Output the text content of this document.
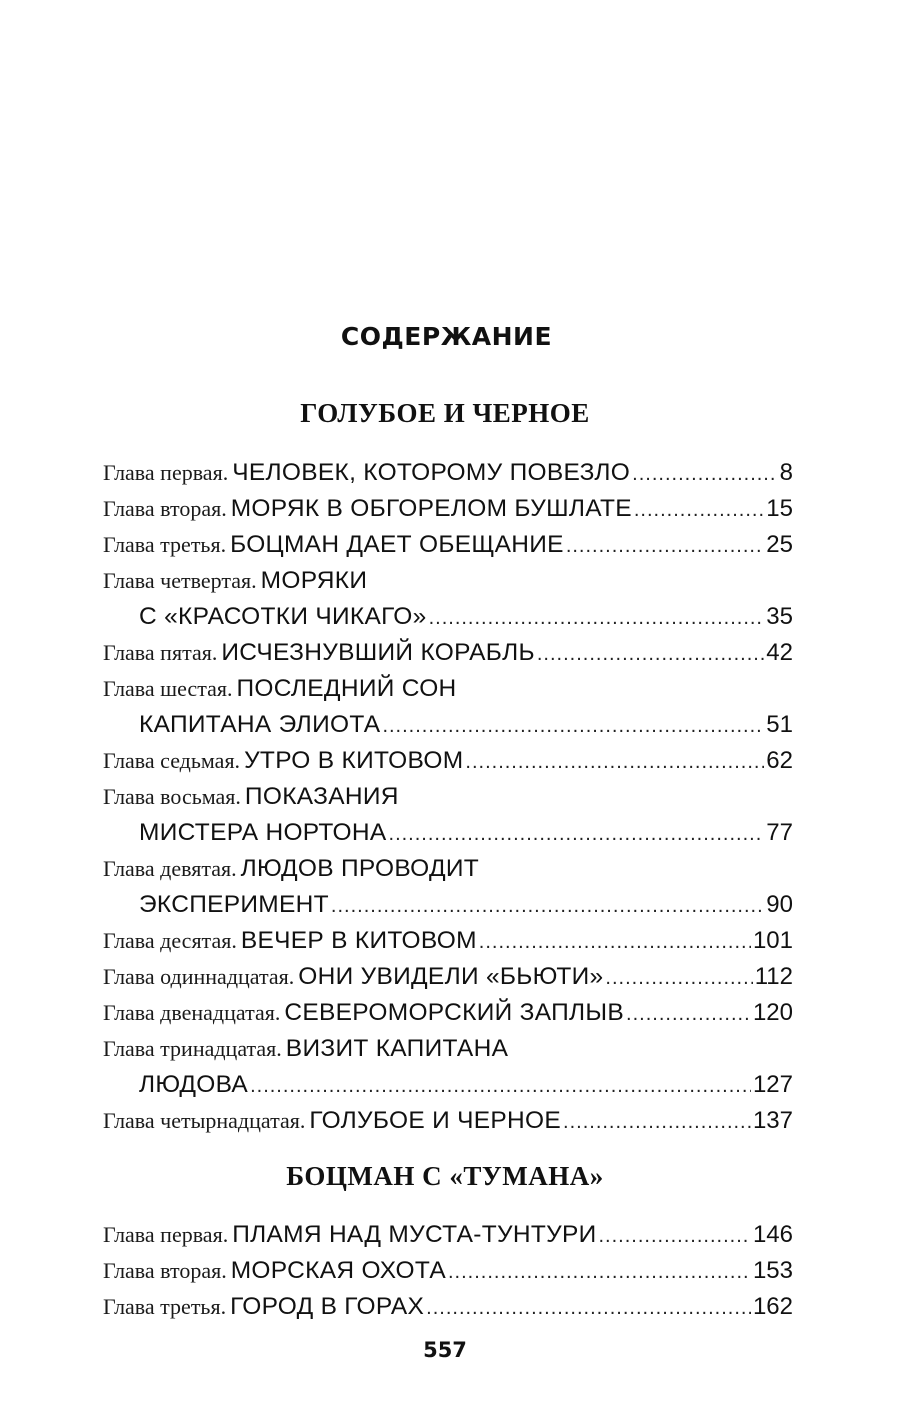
СОДЕРЖАНИЕ
ГОЛУБОЕ И ЧЕРНОЕ
Глава первая.
ЧЕЛОВЕК, КОТОРОМУ ПОВЕЗЛО .....	8
Глава вторая.
МОРЯК В ОБГОРЕЛОМ БУШЛАТЕ .....	15
Глава третья.
БОЦМАН ДАЕТ ОБЕЩАНИЕ .....	25
Глава четвертая.
МОРЯКИ
С «КРАСОТКИ ЧИКАГО» .....	35
Глава пятая.
ИСЧЕЗНУВШИЙ КОРАБЛЬ .....	42
Глава шестая.
ПОСЛЕДНИЙ СОН
КАПИТАНА ЭЛИОТА .....	51
Глава седьмая.
УТРО В КИТОВОМ .....	62
Глава восьмая.
ПОКАЗАНИЯ
МИСТЕРА НОРТОНА .....	77
Глава девятая.
ЛЮДОВ ПРОВОДИТ
ЭКСПЕРИМЕНТ .....	90
Глава десятая.
ВЕЧЕР В КИТОВОМ .....	101
Глава одиннадцатая.
ОНИ УВИДЕЛИ «БЬЮТИ» .....	112
Глава двенадцатая.
СЕВЕРОМОРСКИЙ ЗАПЛЫВ .....	120
Глава тринадцатая.
ВИЗИТ КАПИТАНА
ЛЮДОВА .....	127
Глава четырнадцатая.
ГОЛУБОЕ И ЧЕРНОЕ .....	137
БОЦМАН С «ТУМАНА»
Глава первая.
ПЛАМЯ НАД МУСТА-ТУНТУРИ .....	146
Глава вторая.
МОРСКАЯ ОХОТА .....	153
Глава третья.
ГОРОД В ГОРАХ .....	162
557
